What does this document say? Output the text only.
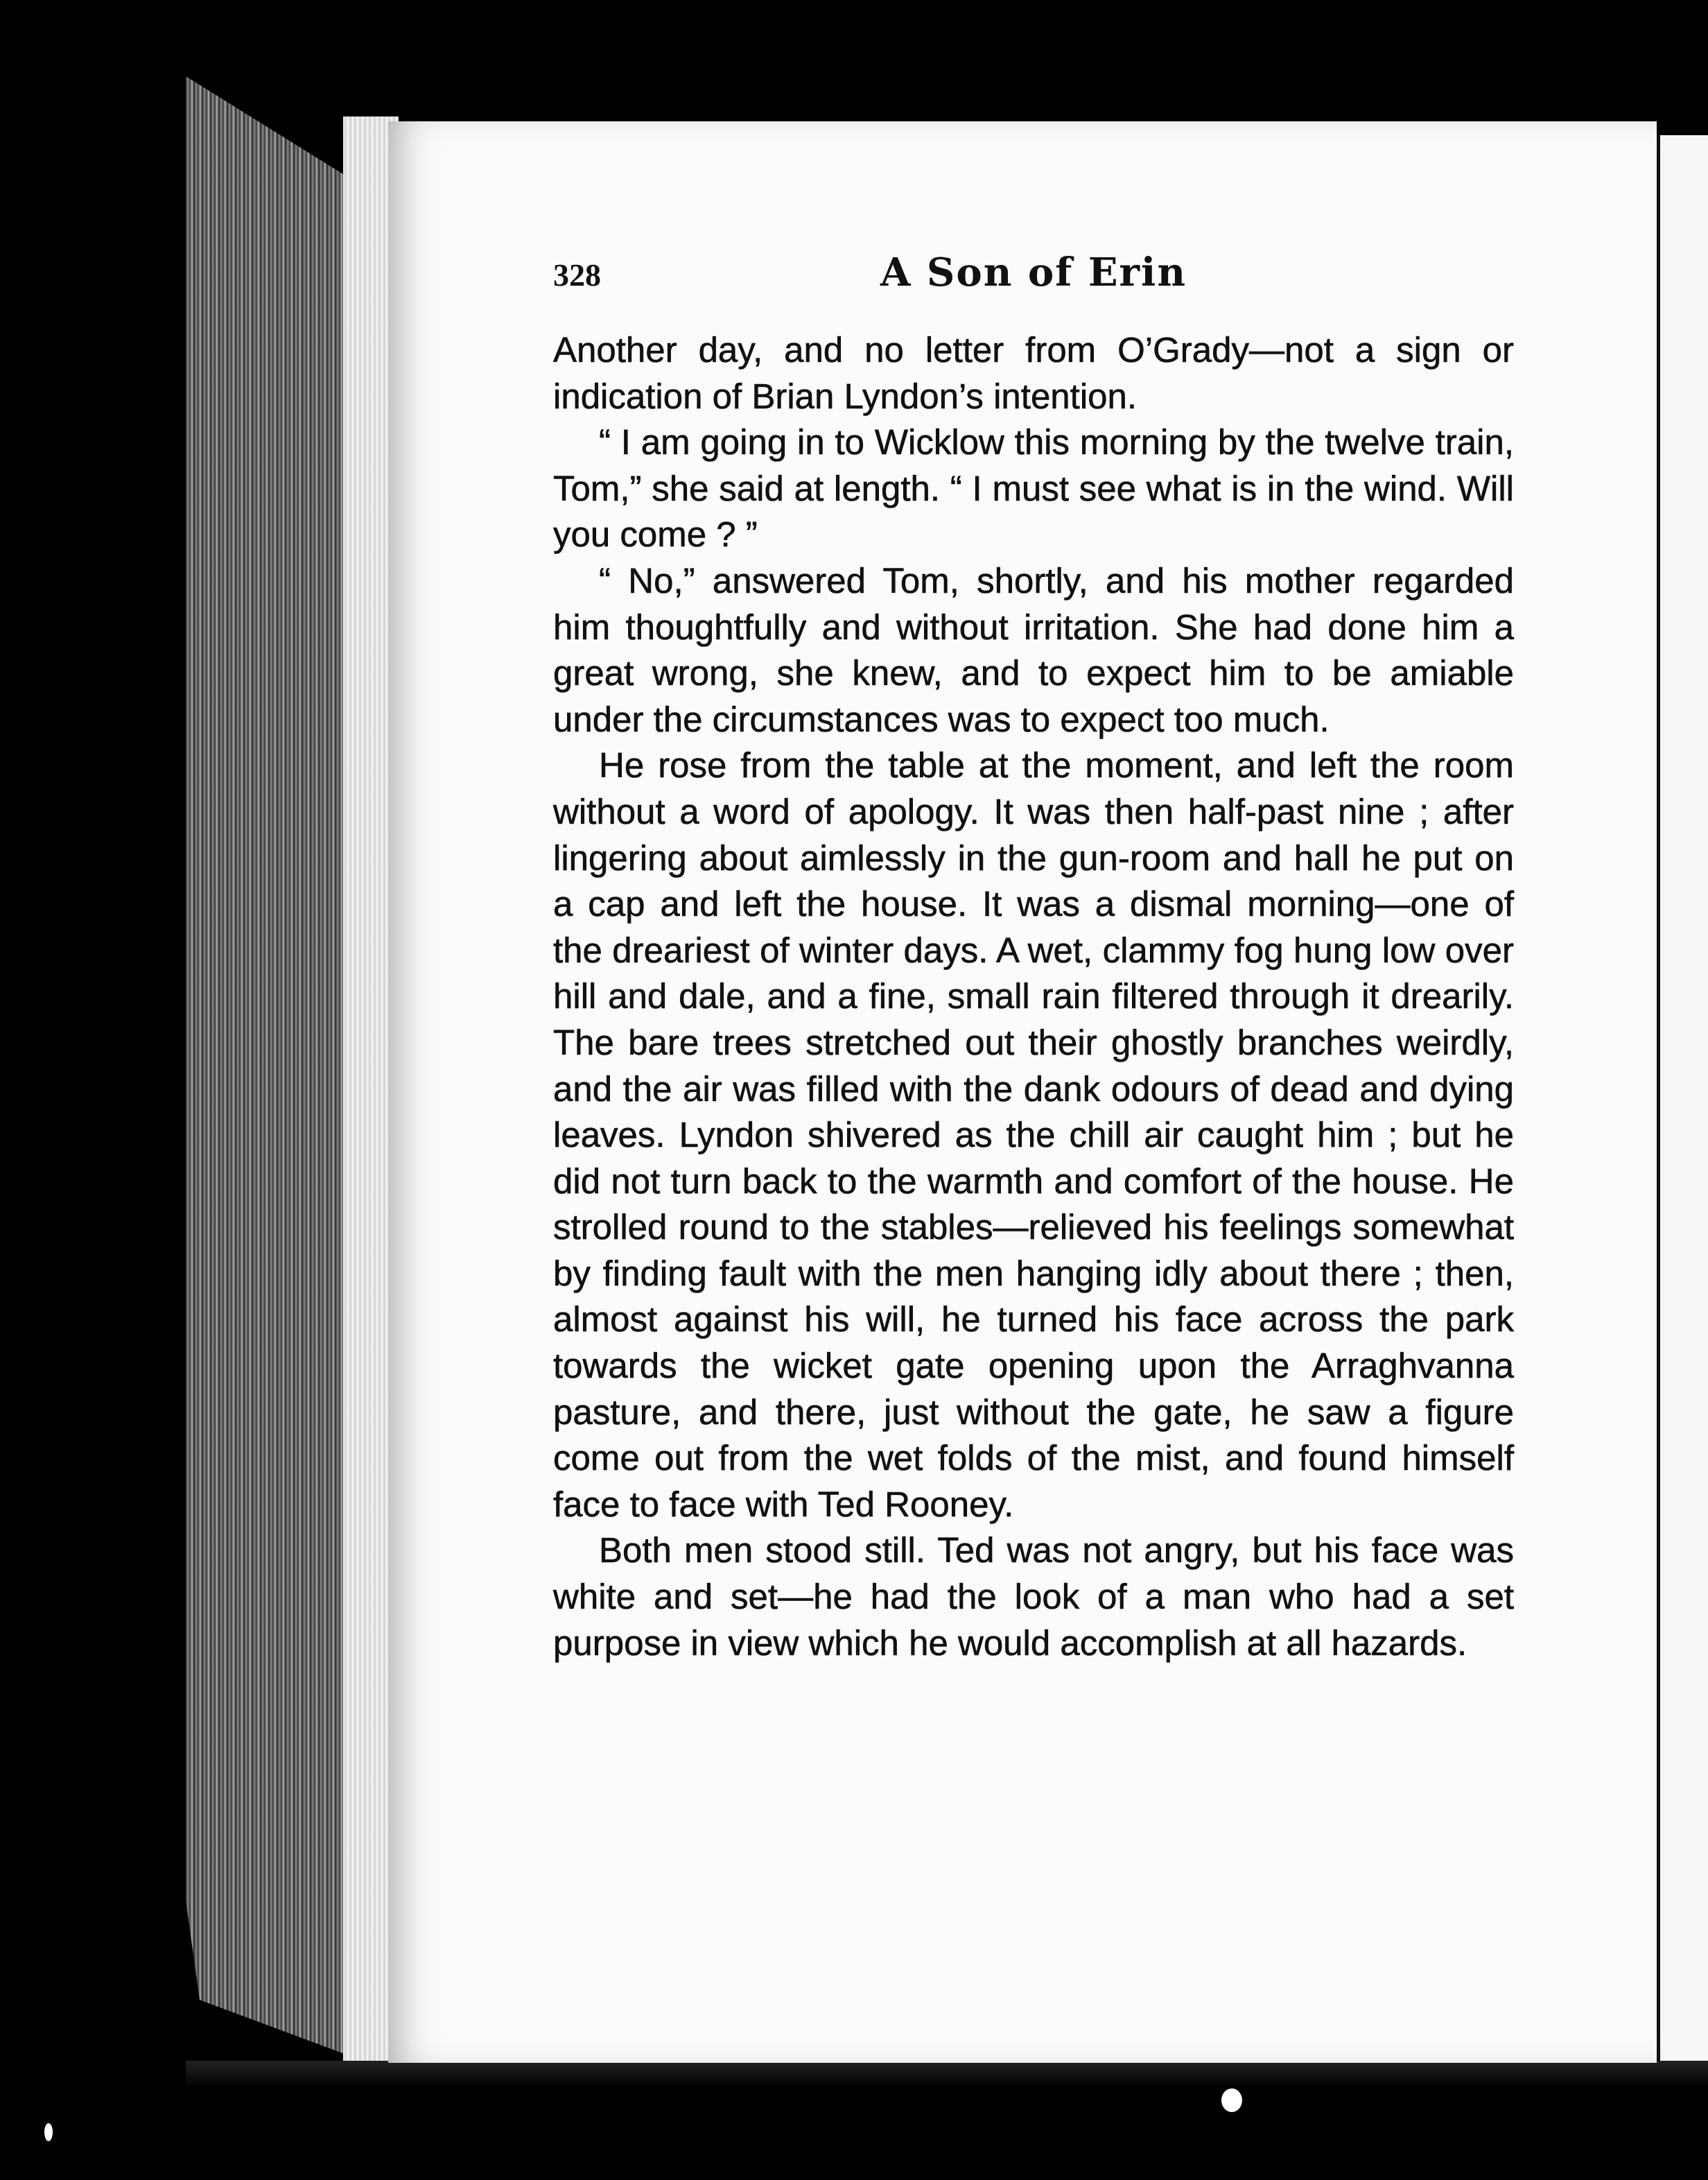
328	A Son of Erin

Another day, and no letter from O’Grady—not a sign or indication of Brian Lyndon’s intention.

“ I am going in to Wicklow this morning by the twelve train, Tom,” she said at length. “ I must see what is in the wind. Will you come ? ”

“ No,” answered Tom, shortly, and his mother regarded him thoughtfully and without irritation. She had done him a great wrong, she knew, and to expect him to be amiable under the circumstances was to expect too much.

He rose from the table at the moment, and left the room without a word of apology. It was then half-past nine ; after lingering about aimlessly in the gun-room and hall he put on a cap and left the house. It was a dismal morning—one of the dreariest of winter days. A wet, clammy fog hung low over hill and dale, and a fine, small rain filtered through it drearily. The bare trees stretched out their ghostly branches weirdly, and the air was filled with the dank odours of dead and dying leaves. Lyndon shivered as the chill air caught him ; but he did not turn back to the warmth and comfort of the house. He strolled round to the stables—relieved his feelings somewhat by finding fault with the men hanging idly about there ; then, almost against his will, he turned his face across the park towards the wicket gate opening upon the Arraghvanna pasture, and there, just without the gate, he saw a figure come out from the wet folds of the mist, and found himself face to face with Ted Rooney.

Both men stood still. Ted was not angry, but his face was white and set—he had the look of a man who had a set purpose in view which he would accomplish at all hazards.
